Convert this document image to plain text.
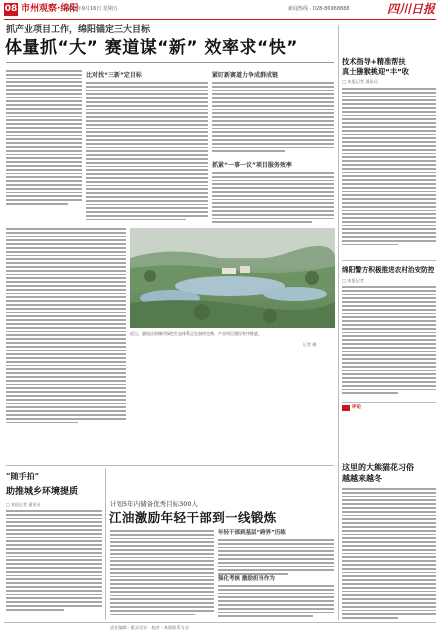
08 市州观察·绵阳
2022年9月16日 星期五	新闻热线 · 028-86968888	四川日报
抓产业项目工作，绵阳锚定三大目标
体量抓“大” 赛道谋“新” 效率求“快”
比对找“三新”定目标	紧盯新赛道力争成群成链
抓紧“一事一议”项目服务效率
近日，游仙区的城市绿色生态体系正在加快完善，产业项目建设有序推进。
记者 摄
技术指导+精准帮扶
真士猕猴桃迎“丰”收
□ 本报记者 通讯员
绵阳警方积极推进农村治安防控
□ 本报记者
评论
这里的大熊猫花习俗
越越来越冬
“随手拍”
助推城乡环境提质
□ 本报记者 通讯员	计划5年内储备优秀目标300人
江油激励年轻干部到一线锻炼
年轻干部到基层“跨界”历练
强化考核 激励担当作为
责任编辑 · 版式设计 · 校对 · 本版联系方式
